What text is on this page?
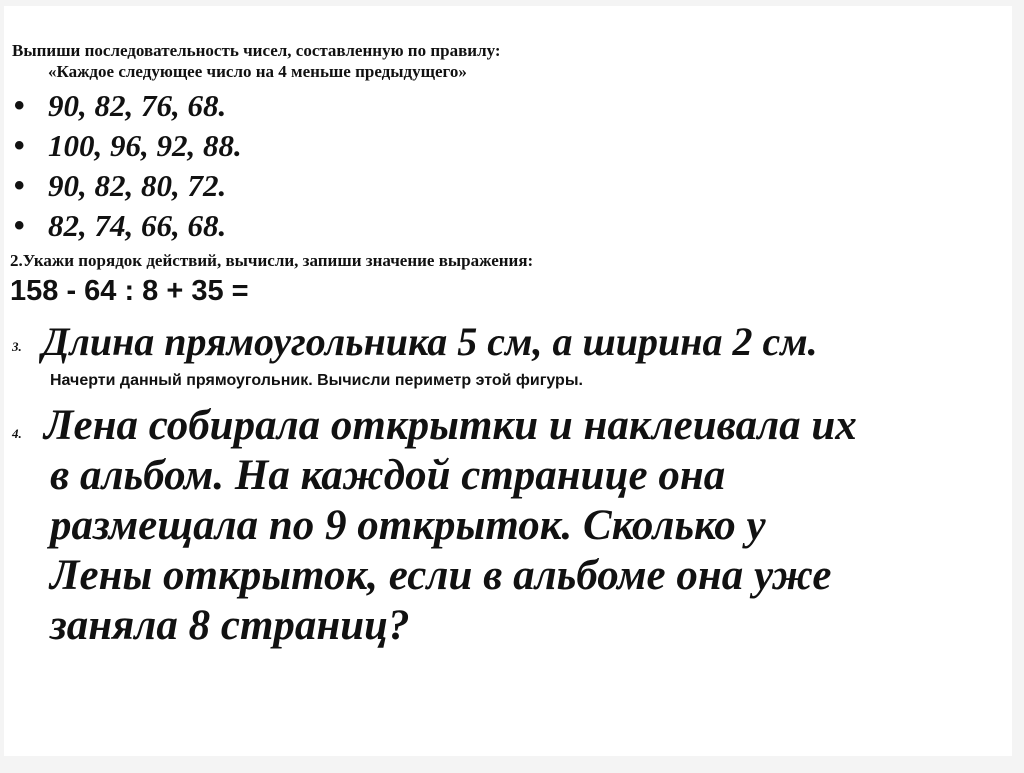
Выпиши последовательность чисел, составленную по правилу:
«Каждое следующее число на 4 меньше предыдущего»
• 90, 82, 76, 68.
• 100, 96, 92, 88.
• 90, 82, 80, 72.
• 82, 74, 66, 68.
2.Укажи порядок действий, вычисли, запиши значение выражения:
158 - 64 : 8 + 35 =
3. Длина прямоугольника 5 см, а ширина 2 см.
Начерти данный прямоугольник. Вычисли периметр этой фигуры.
4. Лена собирала открытки и наклеивала их
в альбом. На каждой странице она
размещала по 9 открыток. Сколько у
Лены открыток, если в альбоме она уже
заняла 8 страниц?
